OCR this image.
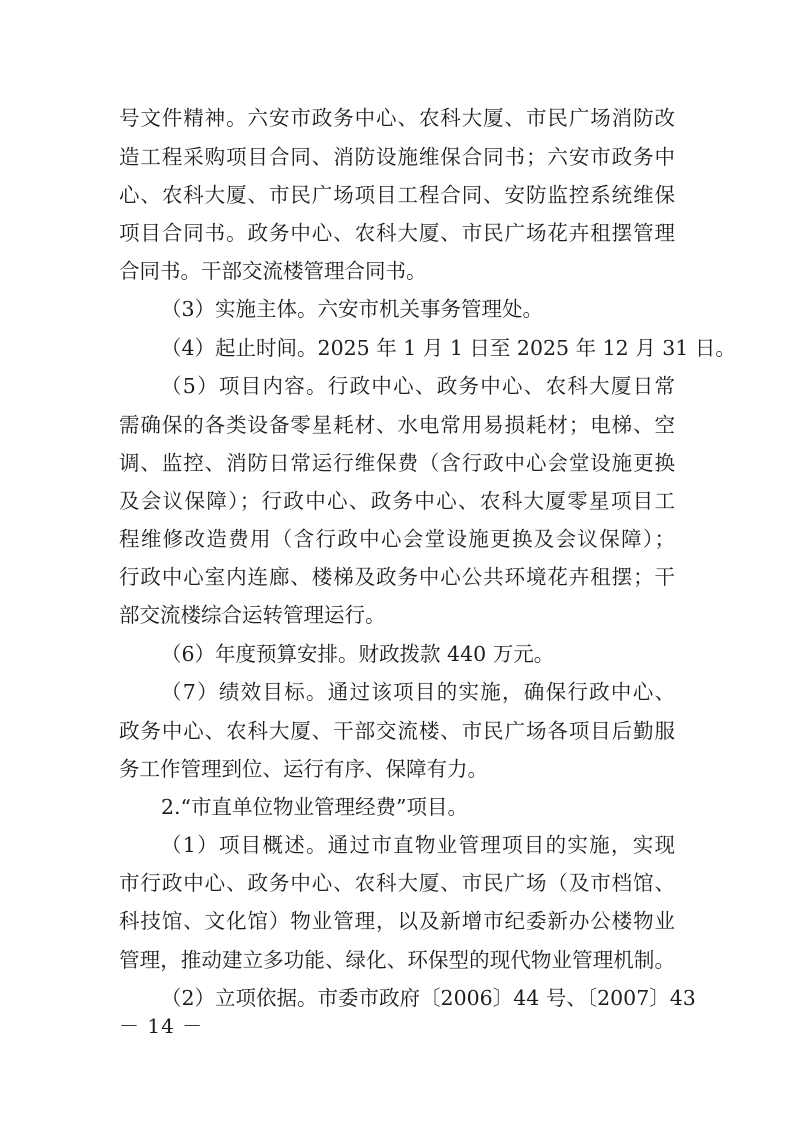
号文件精神。六安市政务中心、农科大厦、市民广场消防改
造工程采购项目合同、消防设施维保合同书；六安市政务中
心、农科大厦、市民广场项目工程合同、安防监控系统维保
项目合同书。政务中心、农科大厦、市民广场花卉租摆管理
合同书。干部交流楼管理合同书。
（3）实施主体。六安市机关事务管理处。
（4）起止时间。2025 年 1 月 1 日至 2025 年 12 月 31 日。
（5）项目内容。行政中心、政务中心、农科大厦日常
需确保的各类设备零星耗材、水电常用易损耗材；电梯、空
调、监控、消防日常运行维保费（含行政中心会堂设施更换
及会议保障）；行政中心、政务中心、农科大厦零星项目工
程维修改造费用（含行政中心会堂设施更换及会议保障）；
行政中心室内连廊、楼梯及政务中心公共环境花卉租摆；干
部交流楼综合运转管理运行。
（6）年度预算安排。财政拨款 440 万元。
（7）绩效目标。通过该项目的实施，确保行政中心、
政务中心、农科大厦、干部交流楼、市民广场各项目后勤服
务工作管理到位、运行有序、保障有力。
2.“市直单位物业管理经费”项目。
（1）项目概述。通过市直物业管理项目的实施，实现
市行政中心、政务中心、农科大厦、市民广场（及市档馆、
科技馆、文化馆）物业管理，以及新增市纪委新办公楼物业
管理，推动建立多功能、绿化、环保型的现代物业管理机制。
（2）立项依据。市委市政府〔2006〕44 号、〔2007〕43
－ 14 －
